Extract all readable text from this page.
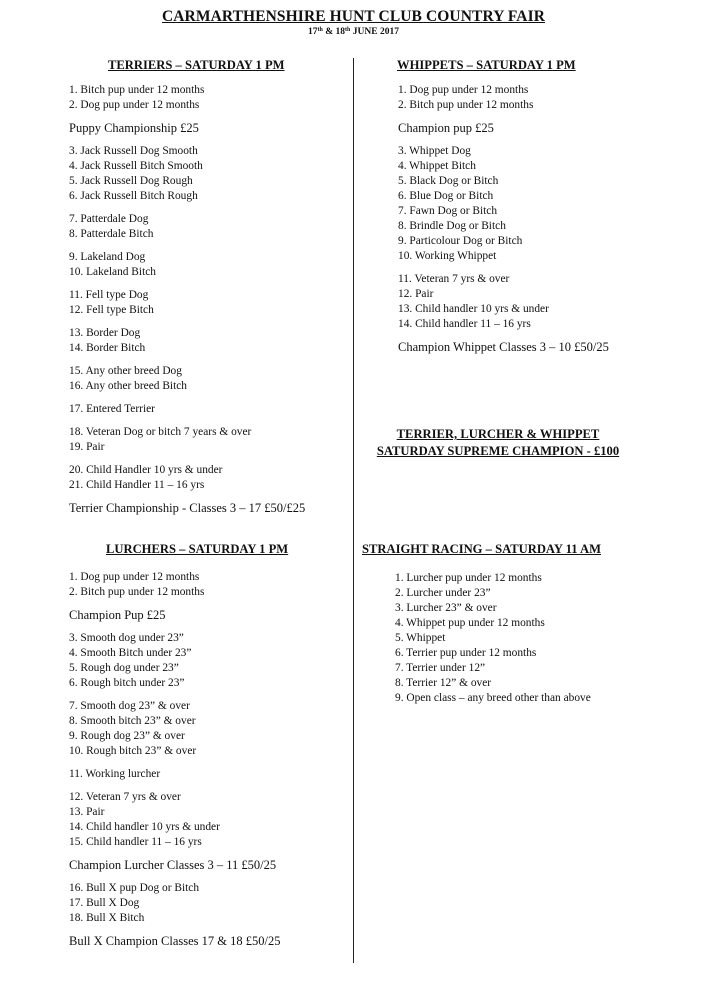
CARMARTHENSHIRE HUNT CLUB COUNTRY FAIR
17th & 18th JUNE 2017
TERRIERS – SATURDAY 1 PM
1. Bitch pup under 12 months
2. Dog pup under 12 months
Puppy Championship £25
3. Jack Russell Dog Smooth
4. Jack Russell Bitch Smooth
5. Jack Russell Dog Rough
6. Jack Russell Bitch Rough
7. Patterdale Dog
8. Patterdale Bitch
9. Lakeland Dog
10. Lakeland Bitch
11. Fell type Dog
12. Fell type Bitch
13. Border Dog
14. Border Bitch
15. Any other breed Dog
16. Any other breed Bitch
17. Entered Terrier
18. Veteran Dog or bitch 7 years & over
19. Pair
20. Child Handler 10 yrs & under
21. Child Handler 11 – 16 yrs
Terrier Championship - Classes 3 – 17 £50/£25
LURCHERS – SATURDAY 1 PM
1. Dog pup under 12 months
2. Bitch pup under 12 months
Champion Pup £25
3. Smooth dog under 23”
4. Smooth Bitch under 23”
5. Rough dog under 23”
6. Rough bitch under 23”
7. Smooth dog 23” & over
8. Smooth bitch 23” & over
9. Rough dog 23” & over
10. Rough bitch 23” & over
11. Working lurcher
12. Veteran 7 yrs & over
13. Pair
14. Child handler 10 yrs & under
15. Child handler 11 – 16 yrs
Champion Lurcher Classes 3 – 11 £50/25
16. Bull X pup Dog or Bitch
17. Bull X Dog
18. Bull X Bitch
Bull X Champion Classes 17 & 18 £50/25
WHIPPETS – SATURDAY 1 PM
1. Dog pup under 12 months
2. Bitch pup under 12 months
Champion pup £25
3. Whippet Dog
4. Whippet Bitch
5. Black Dog or Bitch
6. Blue Dog or Bitch
7. Fawn Dog or Bitch
8. Brindle Dog or Bitch
9. Particolour Dog or Bitch
10. Working Whippet
11. Veteran 7 yrs & over
12. Pair
13. Child handler 10 yrs & under
14. Child handler 11 – 16 yrs
Champion Whippet Classes 3 – 10 £50/25
TERRIER, LURCHER & WHIPPET
SATURDAY SUPREME CHAMPION - £100
STRAIGHT RACING – SATURDAY 11 AM
1. Lurcher pup under 12 months
2. Lurcher under 23”
3. Lurcher 23” & over
4. Whippet pup under 12 months
5. Whippet
6. Terrier pup under 12 months
7. Terrier under 12”
8. Terrier 12” & over
9. Open class – any breed other than above
